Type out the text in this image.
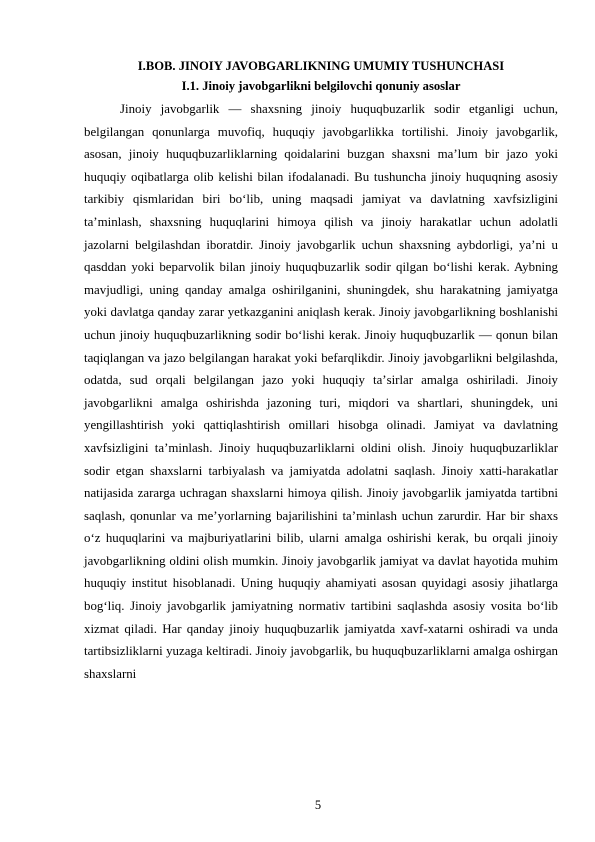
I.BOB. JINOIY JAVOBGARLIKNING UMUMIY TUSHUNCHASI
I.1. Jinoiy javobgarlikni belgilovchi qonuniy asoslar

Jinoiy javobgarlik — shaxsning jinoiy huquqbuzarlik sodir etganligi uchun, belgilangan qonunlarga muvofiq, huquqiy javobgarlikka tortilishi. Jinoiy javobgarlik, asosan, jinoiy huquqbuzarliklarning qoidalarini buzgan shaxsni maʼlum bir jazo yoki huquqiy oqibatlarga olib kelishi bilan ifodalanadi. Bu tushuncha jinoiy huquqning asosiy tarkibiy qismlaridan biri boʻlib, uning maqsadi jamiyat va davlatning xavfsizligini taʼminlash, shaxsning huquqlarini himoya qilish va jinoiy harakatlar uchun adolatli jazolarni belgilashdan iboratdir. Jinoiy javobgarlik uchun shaxsning aybdorligi, yaʼni u qasddan yoki beparvolik bilan jinoiy huquqbuzarlik sodir qilgan boʻlishi kerak. Aybning mavjudligi, uning qanday amalga oshirilganini, shuningdek, shu harakatning jamiyatga yoki davlatga qanday zarar yetkazganini aniqlash kerak. Jinoiy javobgarlikning boshlanishi uchun jinoiy huquqbuzarlikning sodir boʻlishi kerak. Jinoiy huquqbuzarlik — qonun bilan taqiqlangan va jazo belgilangan harakat yoki befarqlikdir. Jinoiy javobgarlikni belgilashda, odatda, sud orqali belgilangan jazo yoki huquqiy taʼsirlar amalga oshiriladi. Jinoiy javobgarlikni amalga oshirishda jazoning turi, miqdori va shartlari, shuningdek, uni yengillashtirish yoki qattiqlashtirish omillari hisobga olinadi. Jamiyat va davlatning xavfsizligini taʼminlash. Jinoiy huquqbuzarliklarni oldini olish. Jinoiy huquqbuzarliklar sodir etgan shaxslarni tarbiyalash va jamiyatda adolatni saqlash. Jinoiy xatti-harakatlar natijasida zararga uchragan shaxslarni himoya qilish. Jinoiy javobgarlik jamiyatda tartibni saqlash, qonunlar va meʼyorlarning bajarilishini taʼminlash uchun zarurdir. Har bir shaxs oʻz huquqlarini va majburiyatlarini bilib, ularni amalga oshirishi kerak, bu orqali jinoiy javobgarlikning oldini olish mumkin. Jinoiy javobgarlik jamiyat va davlat hayotida muhim huquqiy institut hisoblanadi. Uning huquqiy ahamiyati asosan quyidagi asosiy jihatlarga bogʻliq. Jinoiy javobgarlik jamiyatning normativ tartibini saqlashda asosiy vosita boʻlib xizmat qiladi. Har qanday jinoiy huquqbuzarlik jamiyatda xavf-xatarni oshiradi va unda tartibsizliklarni yuzaga keltiradi. Jinoiy javobgarlik, bu huquqbuzarliklarni amalga oshirgan shaxslarni

5
